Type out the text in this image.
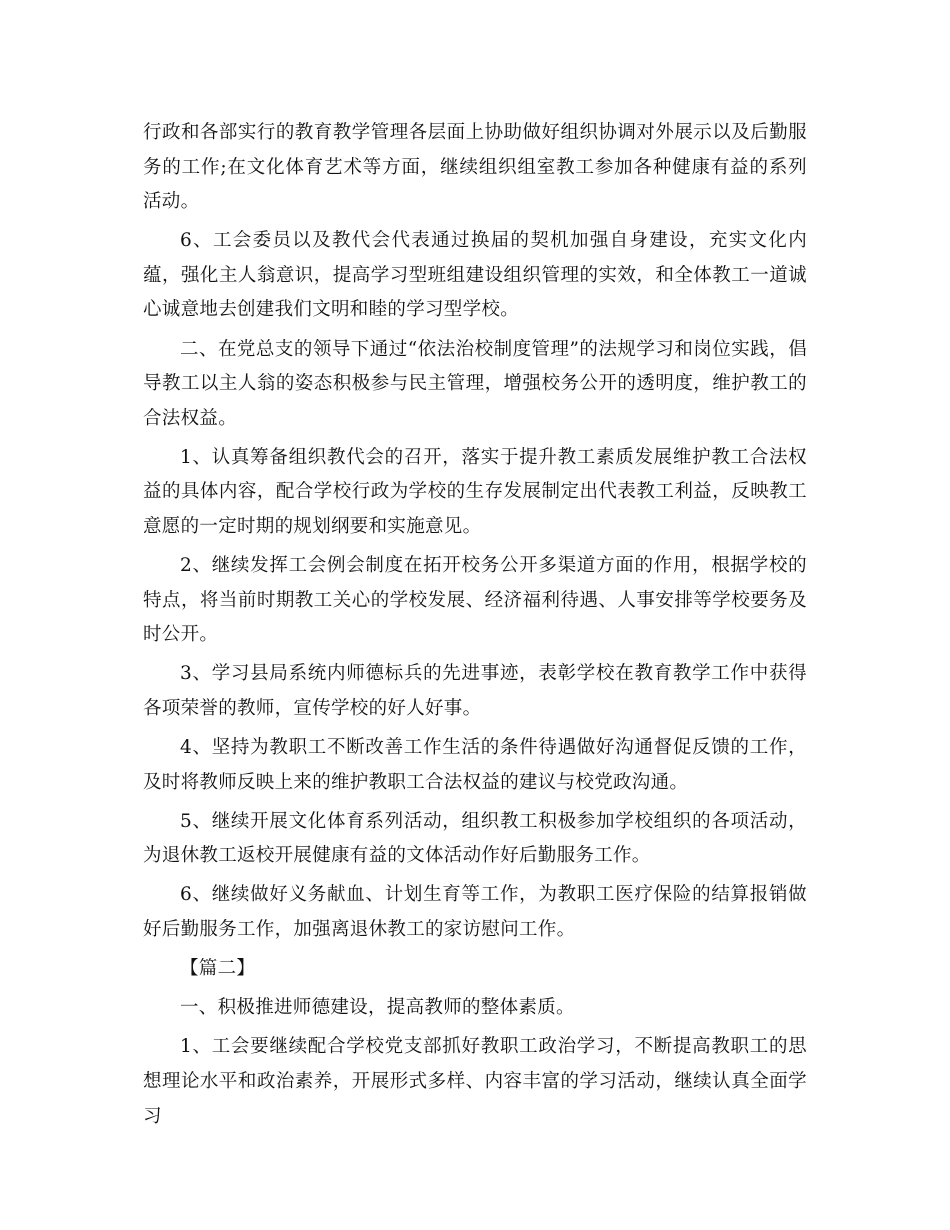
行政和各部实行的教育教学管理各层面上协助做好组织协调对外展示以及后勤服务的工作;在文化体育艺术等方面，继续组织组室教工参加各种健康有益的系列活动。

6、工会委员以及教代会代表通过换届的契机加强自身建设，充实文化内蕴，强化主人翁意识，提高学习型班组建设组织管理的实效，和全体教工一道诚心诚意地去创建我们文明和睦的学习型学校。

二、在党总支的领导下通过“依法治校制度管理”的法规学习和岗位实践，倡导教工以主人翁的姿态积极参与民主管理，增强校务公开的透明度，维护教工的合法权益。

1、认真筹备组织教代会的召开，落实于提升教工素质发展维护教工合法权益的具体内容，配合学校行政为学校的生存发展制定出代表教工利益，反映教工意愿的一定时期的规划纲要和实施意见。

2、继续发挥工会例会制度在拓开校务公开多渠道方面的作用，根据学校的特点，将当前时期教工关心的学校发展、经济福利待遇、人事安排等学校要务及时公开。

3、学习县局系统内师德标兵的先进事迹，表彰学校在教育教学工作中获得各项荣誉的教师，宣传学校的好人好事。

4、坚持为教职工不断改善工作生活的条件待遇做好沟通督促反馈的工作，及时将教师反映上来的维护教职工合法权益的建议与校党政沟通。

5、继续开展文化体育系列活动，组织教工积极参加学校组织的各项活动，为退休教工返校开展健康有益的文体活动作好后勤服务工作。

6、继续做好义务献血、计划生育等工作，为教职工医疗保险的结算报销做好后勤服务工作，加强离退休教工的家访慰问工作。

【篇二】

一、积极推进师德建设，提高教师的整体素质。

1、工会要继续配合学校党支部抓好教职工政治学习，不断提高教职工的思想理论水平和政治素养，开展形式多样、内容丰富的学习活动，继续认真全面学习
